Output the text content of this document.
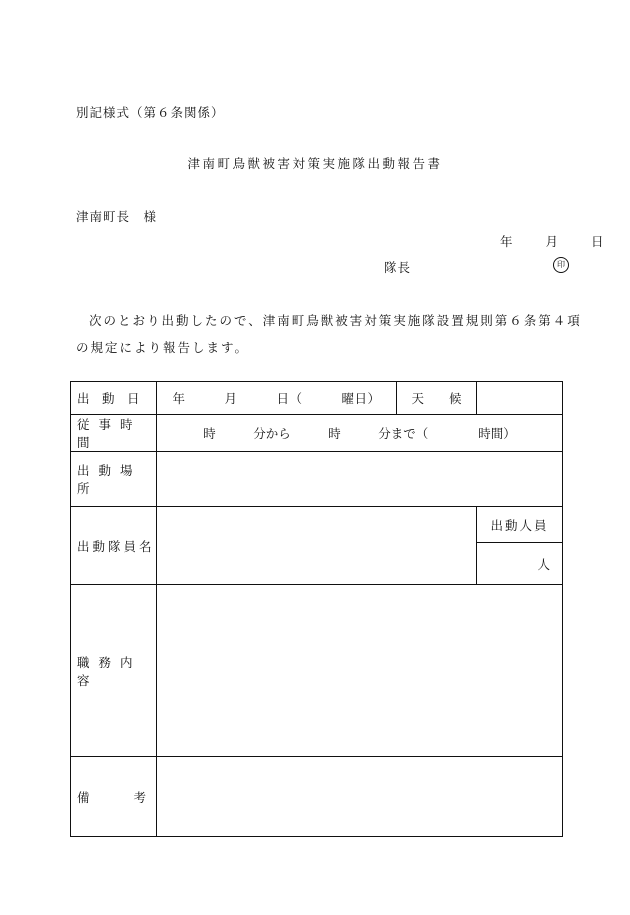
別記様式（第６条関係）
津南町鳥獣被害対策実施隊出動報告書
津南町長　様
年	月	日
隊長	印
次のとおり出動したので、津南町鳥獣被害対策実施隊設置規則第６条第４項の規定により報告します。
出　動　日	年　　　月　　　日（　　　曜日）	天　　候	
従事時間	時　　　分から　　　時　　　分まで（　　　　時間）		
出動場所			
出動隊員名			出動人員
			人
職務内容			

備 考			
